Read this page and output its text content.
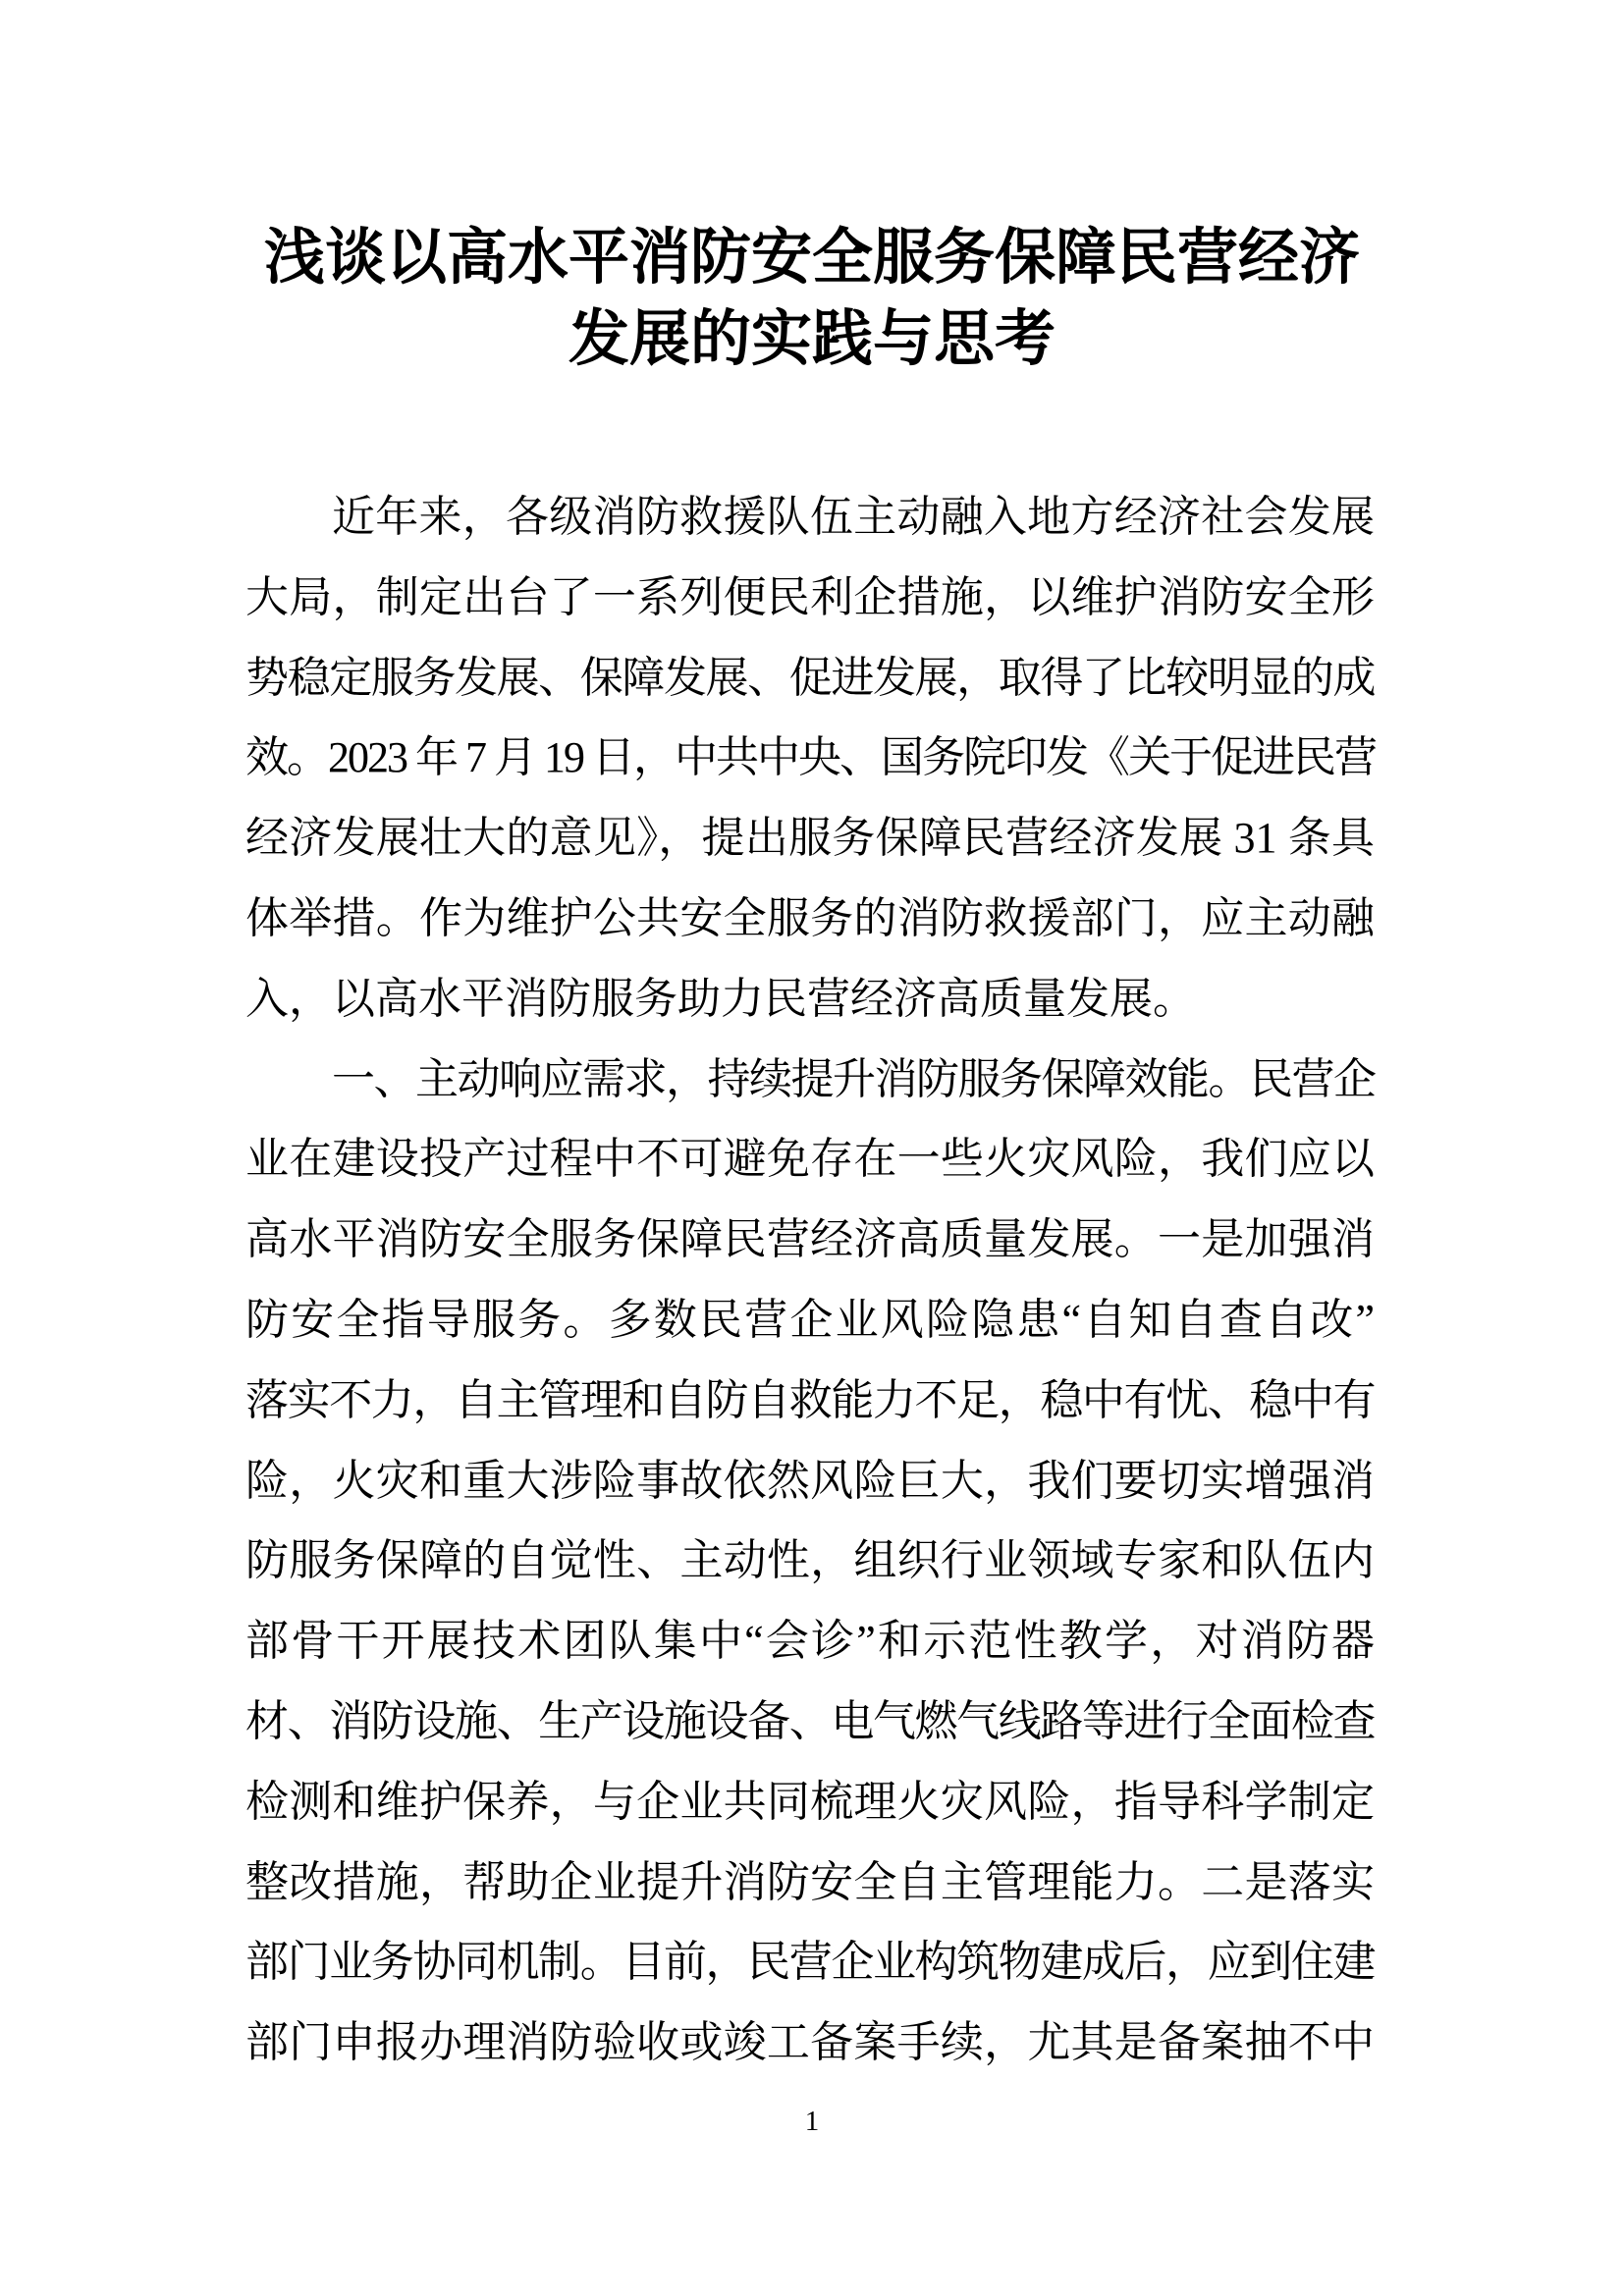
浅谈以高水平消防安全服务保障民营经济
发展的实践与思考
近年来，各级消防救援队伍主动融入地方经济社会发展
大局，制定出台了一系列便民利企措施，以维护消防安全形
势稳定服务发展、保障发展、促进发展，取得了比较明显的成
效。2023 年 7 月 19 日，中共中央、国务院印发《关于促进民营
经济发展壮大的意见》，提出服务保障民营经济发展 31 条具
体举措。作为维护公共安全服务的消防救援部门，应主动融
入，以高水平消防服务助力民营经济高质量发展。
一、主动响应需求，持续提升消防服务保障效能。民营企
业在建设投产过程中不可避免存在一些火灾风险，我们应以
高水平消防安全服务保障民营经济高质量发展。一是加强消
防安全指导服务。多数民营企业风险隐患“自知自查自改”
落实不力，自主管理和自防自救能力不足，稳中有忧、稳中有
险，火灾和重大涉险事故依然风险巨大，我们要切实增强消
防服务保障的自觉性、主动性，组织行业领域专家和队伍内
部骨干开展技术团队集中“会诊”和示范性教学，对消防器
材、消防设施、生产设施设备、电气燃气线路等进行全面检查
检测和维护保养，与企业共同梳理火灾风险，指导科学制定
整改措施，帮助企业提升消防安全自主管理能力。二是落实
部门业务协同机制。目前，民营企业构筑物建成后，应到住建
部门申报办理消防验收或竣工备案手续，尤其是备案抽不中
1
